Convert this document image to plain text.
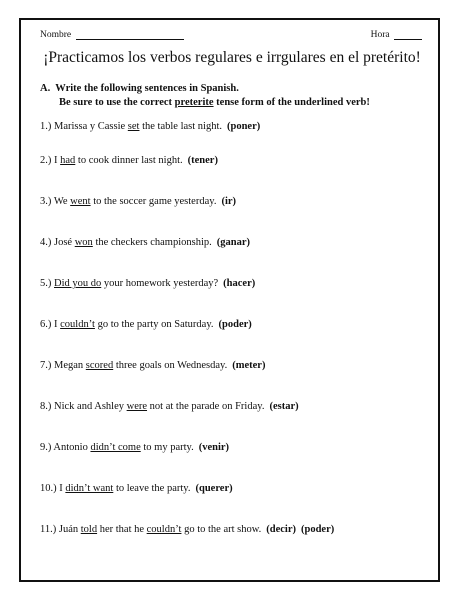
Nombre	Hora
¡Practicamos los verbos regulares e irrgulares en el pretérito!
A. Write the following sentences in Spanish.
Be sure to use the correct preterite tense form of the underlined verb!
1.) Marissa y Cassie set the table last night. (poner)
2.) I had to cook dinner last night. (tener)
3.) We went to the soccer game yesterday. (ir)
4.) José won the checkers championship. (ganar)
5.) Did you do your homework yesterday? (hacer)
6.) I couldn’t go to the party on Saturday. (poder)
7.) Megan scored three goals on Wednesday. (meter)
8.) Nick and Ashley were not at the parade on Friday. (estar)
9.) Antonio didn’t come to my party. (venir)
10.) I didn’t want to leave the party. (querer)
11.) Juán told her that he couldn’t go to the art show. (decir) (poder)
